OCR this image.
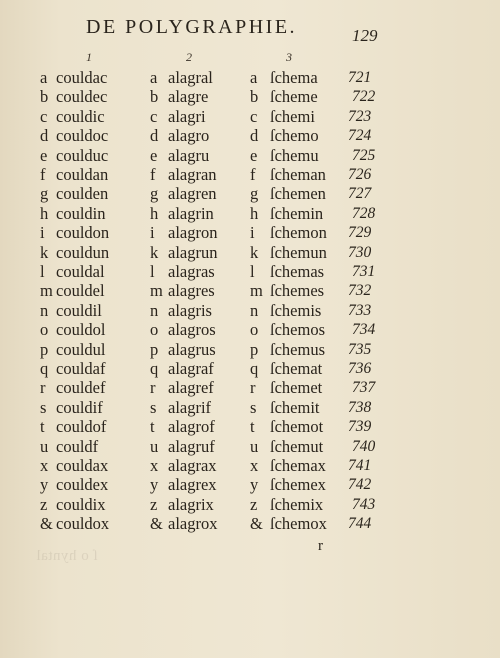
ſ o hyntal
DE POLYGRAPHIE.	129
1	2	3
a couldac	a alagral a ſchema 721
b couldec	b alagre	b ſcheme 722
c couldic	c alagri	c ſchemi 723
d couldoc	d alagro d ſchemo 724
e coulduc	e alagru e ſchemu 725
f couldan	f alagran f ſcheman 726
g coulden	g alagren g ſchemen 727
h couldin	h alagrin h ſchemin 728
i couldon i alagron i ſchemon 729
k couldun k alagrun k ſchemun 730
l couldal	l alagras l ſchemas 731
m couldel	m alagres m ſchemes 732
n couldil	n alagris n ſchemis 733
o couldol	o alagros o ſchemos 734
p couldul	p alagrus p ſchemus 735
q couldaf	q alagraf q ſchemat 736
r couldef	r alagref r ſchemet 737
s couldif	s alagrif s ſchemit 738
t couldof	t alagrof t ſchemot 739
u couldf	u alagruf u ſchemut 740
x couldax	x alagrax x ſchemax 741
y couldex	y alagrex y ſchemex 742
z couldix	z alagrix z ſchemix 743
& couldox & alagrox & ſchemox 744
r
